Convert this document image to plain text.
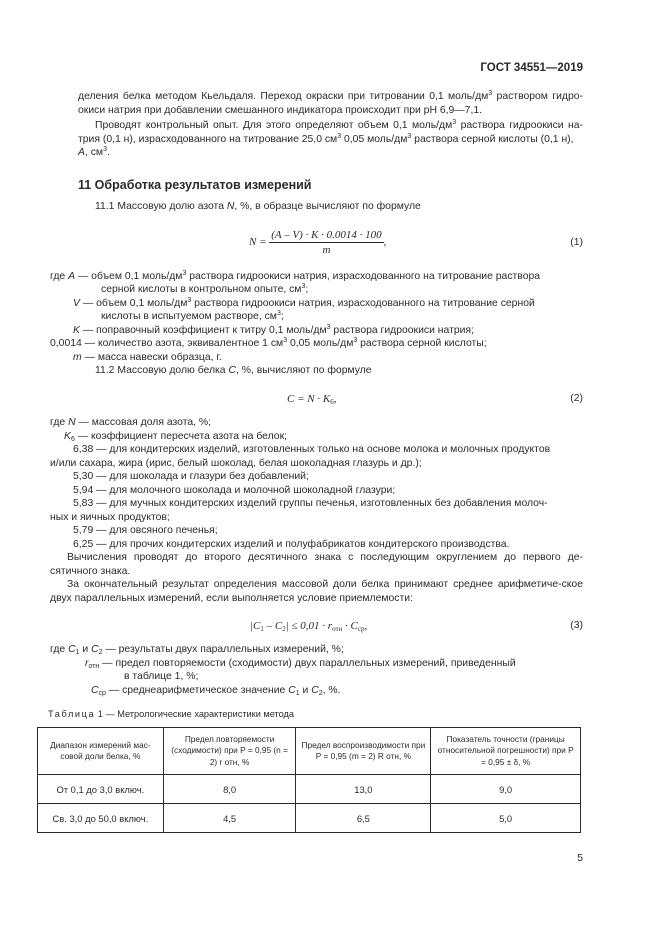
ГОСТ 34551—2019

деления белка методом Кьельдаля. Переход окраски при титровании 0,1 моль/$дм^3$ раствором гидро-окиси натрия при добавлении смешанного индикатора происходит при pH 6,9—7,1.

Проводят контрольный опыт. Для этого определяют объем 0,1 моль/$дм^3$ раствора гидроокиси на-трия (0,1 н), израсходованного на титрование 25,0 $см^3$ 0,05 моль/$дм^3$ раствора серной кислоты (0,1 н),
A, $см^3$.

11 Обработка результатов измерений
11.1 Массовую долю азота N, %, в образце вычисляют по формуле
$N = \frac{(A - V) \cdot K \cdot 0.0014 \cdot 100}{m}$ ,	(1)
где A — объем 0,1 моль/$дм^3$ раствора гидроокиси натрия, израсходованного на титрование раствора
серной кислоты в контрольном опыте, $см^3$;
V — объем 0,1 моль/$дм^3$ раствора гидроокиси натрия, израсходованного на титрование серной
кислоты в испытуемом растворе, $см^3$;
K — поправочный коэффициент к титру 0,1 моль/$дм^3$ раствора гидроокиси натрия;
0,0014 — количество азота, эквивалентное 1 $см^3$ 0,05 моль/$дм^3$ раствора серной кислоты;
m — масса навески образца, г.
11.2 Массовую долю белка C, %, вычисляют по формуле
$C = N \cdot K_6$,	(2)
где N — массовая доля азота, %;
$K_6$ — коэффициент пересчета азота на белок;
6,38 — для кондитерских изделий, изготовленных только на основе молока и молочных продуктов
и/или сахара, жира (ирис, белый шоколад, белая шоколадная глазурь и др.);
5,30 — для шоколада и глазури без добавлений;
5,94 — для молочного шоколада и молочной шоколадной глазури;
5,83 — для мучных кондитерских изделий группы печенья, изготовленных без добавления молоч-
ных и яичных продуктов;
5,79 — для овсяного печенья;
6,25 — для прочих кондитерских изделий и полуфабрикатов кондитерского производства.

Вычисления проводят до второго десятичного знака с последующим округлением до первого де-сятичного знака.

За окончательный результат определения массовой доли белка принимают среднее арифметиче-ское двух параллельных измерений, если выполняется условие приемлемости:

$|C_1 - C_2| \le 0,01 \cdot r_{отн} \cdot C_{ср}$,	(3)
где $C_1$ и $C_2$ — результаты двух параллельных измерений, %;
$r_{отн}$ — предел повторяемости (сходимости) двух параллельных измерений, приведенный
в таблице 1, %;
$C_{ср}$ — среднеарифметическое значение $C_1$ и $C_2$, %.
Таблица 1 — Метрологические характеристики метода
Диапазон измерений мас-совой доли белка, %	Предел повторяемости (сходимости) при P = 0,95 (n = 2) r отн, %	Предел воспроизводимости при P = 0,95 (m = 2) R отн, %	Показатель точности (границы относительной погрешности) при P = 0,95 ± δ, %
От 0,1 до 3,0 включ.	8,0	13,0	9,0
Св. 3,0 до 50,0 включ.	4,5	6,5	5,0
5
